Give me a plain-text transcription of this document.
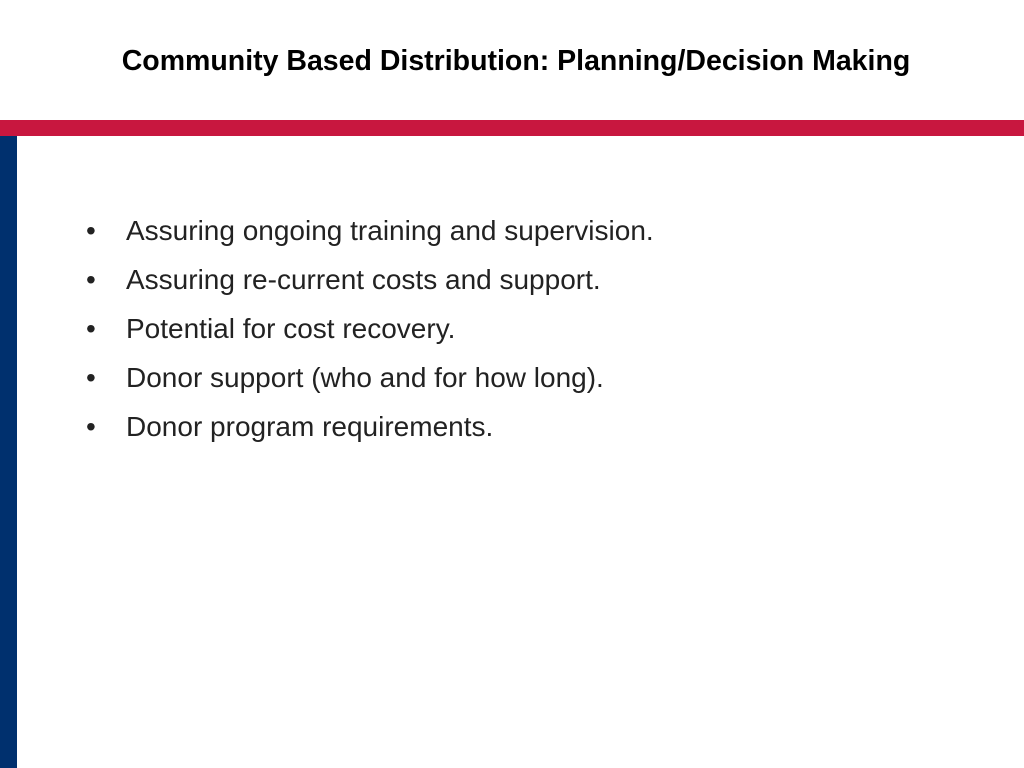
Community Based Distribution: Planning/Decision Making
• Assuring ongoing training and supervision.
• Assuring re-current costs and support.
• Potential for cost recovery.
• Donor support (who and for how long).
• Donor program requirements.
